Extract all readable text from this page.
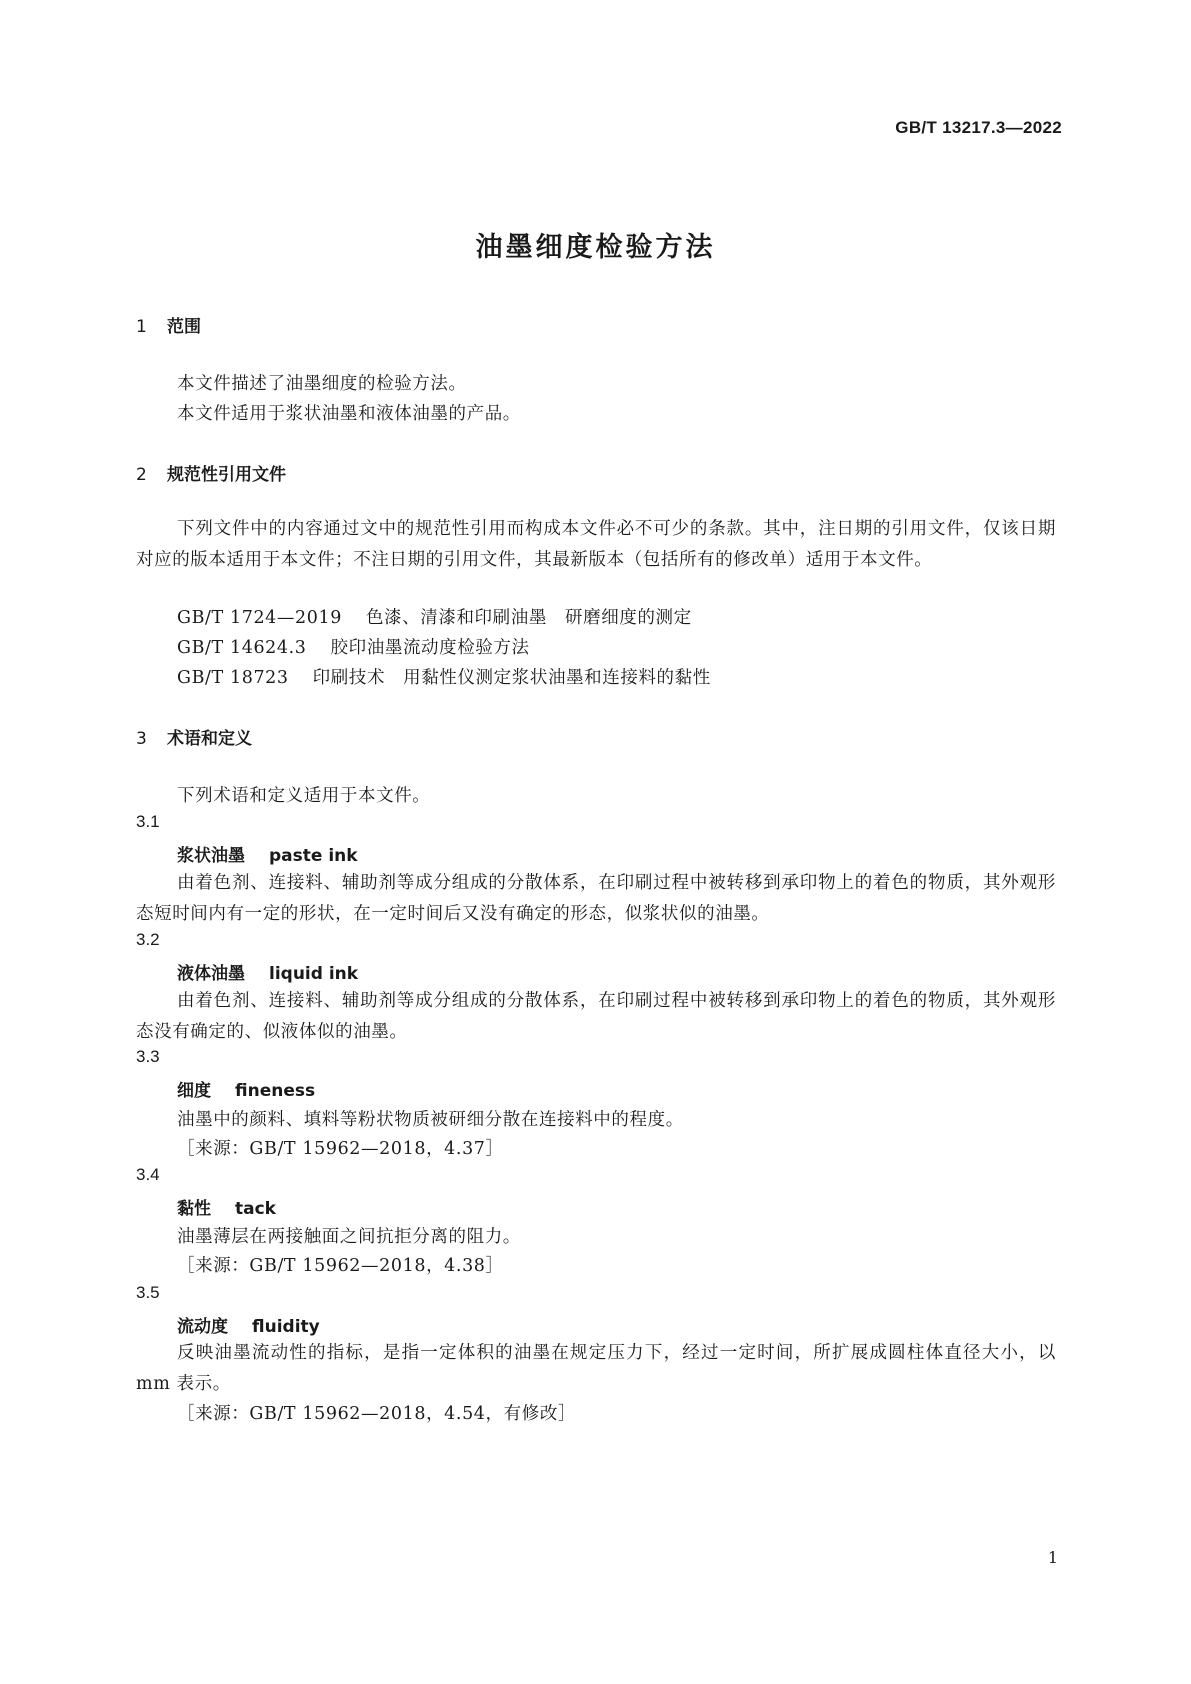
GB/T 13217.3—2022
油墨细度检验方法
1 范围
本文件描述了油墨细度的检验方法。
本文件适用于浆状油墨和液体油墨的产品。
2 规范性引用文件
下列文件中的内容通过文中的规范性引用而构成本文件必不可少的条款。其中，注日期的引用文件，仅该日期对应的版本适用于本文件；不注日期的引用文件，其最新版本（包括所有的修改单）适用于本文件。
GB/T 1724—2019 色漆、清漆和印刷油墨　研磨细度的测定
GB/T 14624.3 胶印油墨流动度检验方法
GB/T 18723 印刷技术　用黏性仪测定浆状油墨和连接料的黏性
3 术语和定义
下列术语和定义适用于本文件。
3.1
浆状油墨 paste ink
由着色剂、连接料、辅助剂等成分组成的分散体系，在印刷过程中被转移到承印物上的着色的物质，其外观形态短时间内有一定的形状，在一定时间后又没有确定的形态，似浆状似的油墨。
3.2
液体油墨 liquid ink
由着色剂、连接料、辅助剂等成分组成的分散体系，在印刷过程中被转移到承印物上的着色的物质，其外观形态没有确定的、似液体似的油墨。
3.3
细度 fineness
油墨中的颜料、填料等粉状物质被研细分散在连接料中的程度。
［来源：GB/T 15962—2018，4.37］
3.4
黏性 tack
油墨薄层在两接触面之间抗拒分离的阻力。
［来源：GB/T 15962—2018，4.38］
3.5
流动度 fluidity
反映油墨流动性的指标，是指一定体积的油墨在规定压力下，经过一定时间，所扩展成圆柱体直径大小，以 mm 表示。
［来源：GB/T 15962—2018，4.54，有修改］
1
